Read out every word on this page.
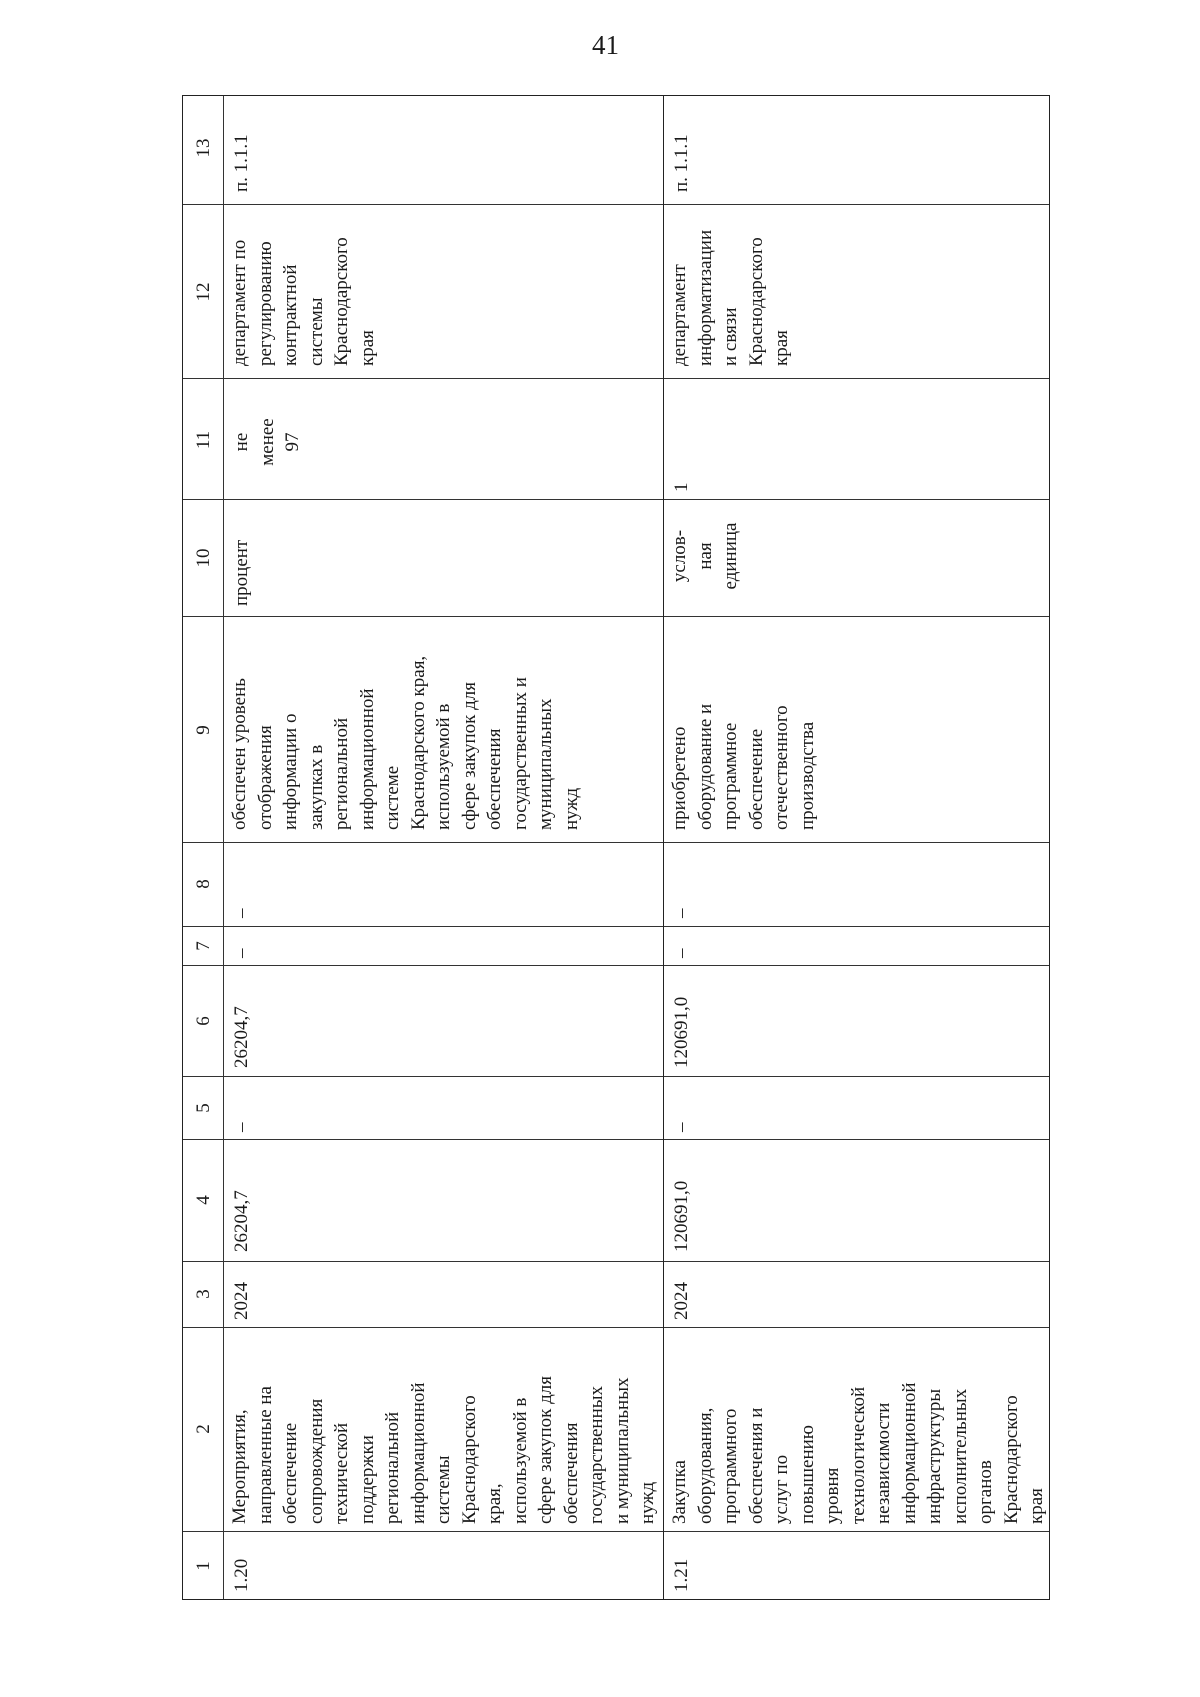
41
13
12
11
10
9
8
7
6
5
4
3
2
1
п. 1.1.1
департамент по регулированию контрактной системы Краснодарского края
не менее 97
процент
обеспечен уровень отображения информации о закупках в региональной информационной системе Краснодарского края, используемой в сфере закупок для обеспечения государственных и муниципальных нужд
–
–
26204,7
–
26204,7
2024
Мероприятия, направленные на обеспечение сопровождения технической поддержки региональной информационной системы Краснодарского края, используемой в сфере закупок для обеспечения государственных и муниципальных нужд
1.20
п. 1.1.1
департамент информатизации и связи Краснодарского края
1
услов- ная единица
приобретено оборудование и программное обеспечение отечественного производства
–
–
120691,0
–
120691,0
2024
Закупка оборудования, программного обеспечения и услуг по повышению уровня технологической независимости информационной инфраструктуры исполнительных органов Краснодарского края
1.21
